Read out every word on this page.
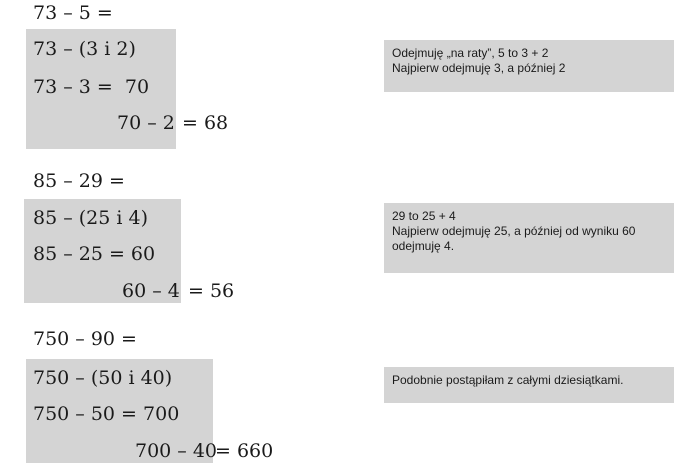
73 – 5 =
73 – (3 i 2)
73 – 3 =  70
70 – 2 = 68
Odejmuję „na raty”, 5 to 3 + 2
Najpierw odejmuję 3, a później 2
85 – 29 =
85 – (25 i 4)
85 – 25 = 60
60 – 4 = 56
29 to 25 + 4
Najpierw odejmuję 25, a później od wyniku 60 odejmuję 4.
750 – 90 =
750 – (50 i 40)
750 – 50 = 700
700 – 40
= 660
Podobnie postąpiłam z całymi dziesiątkami.
